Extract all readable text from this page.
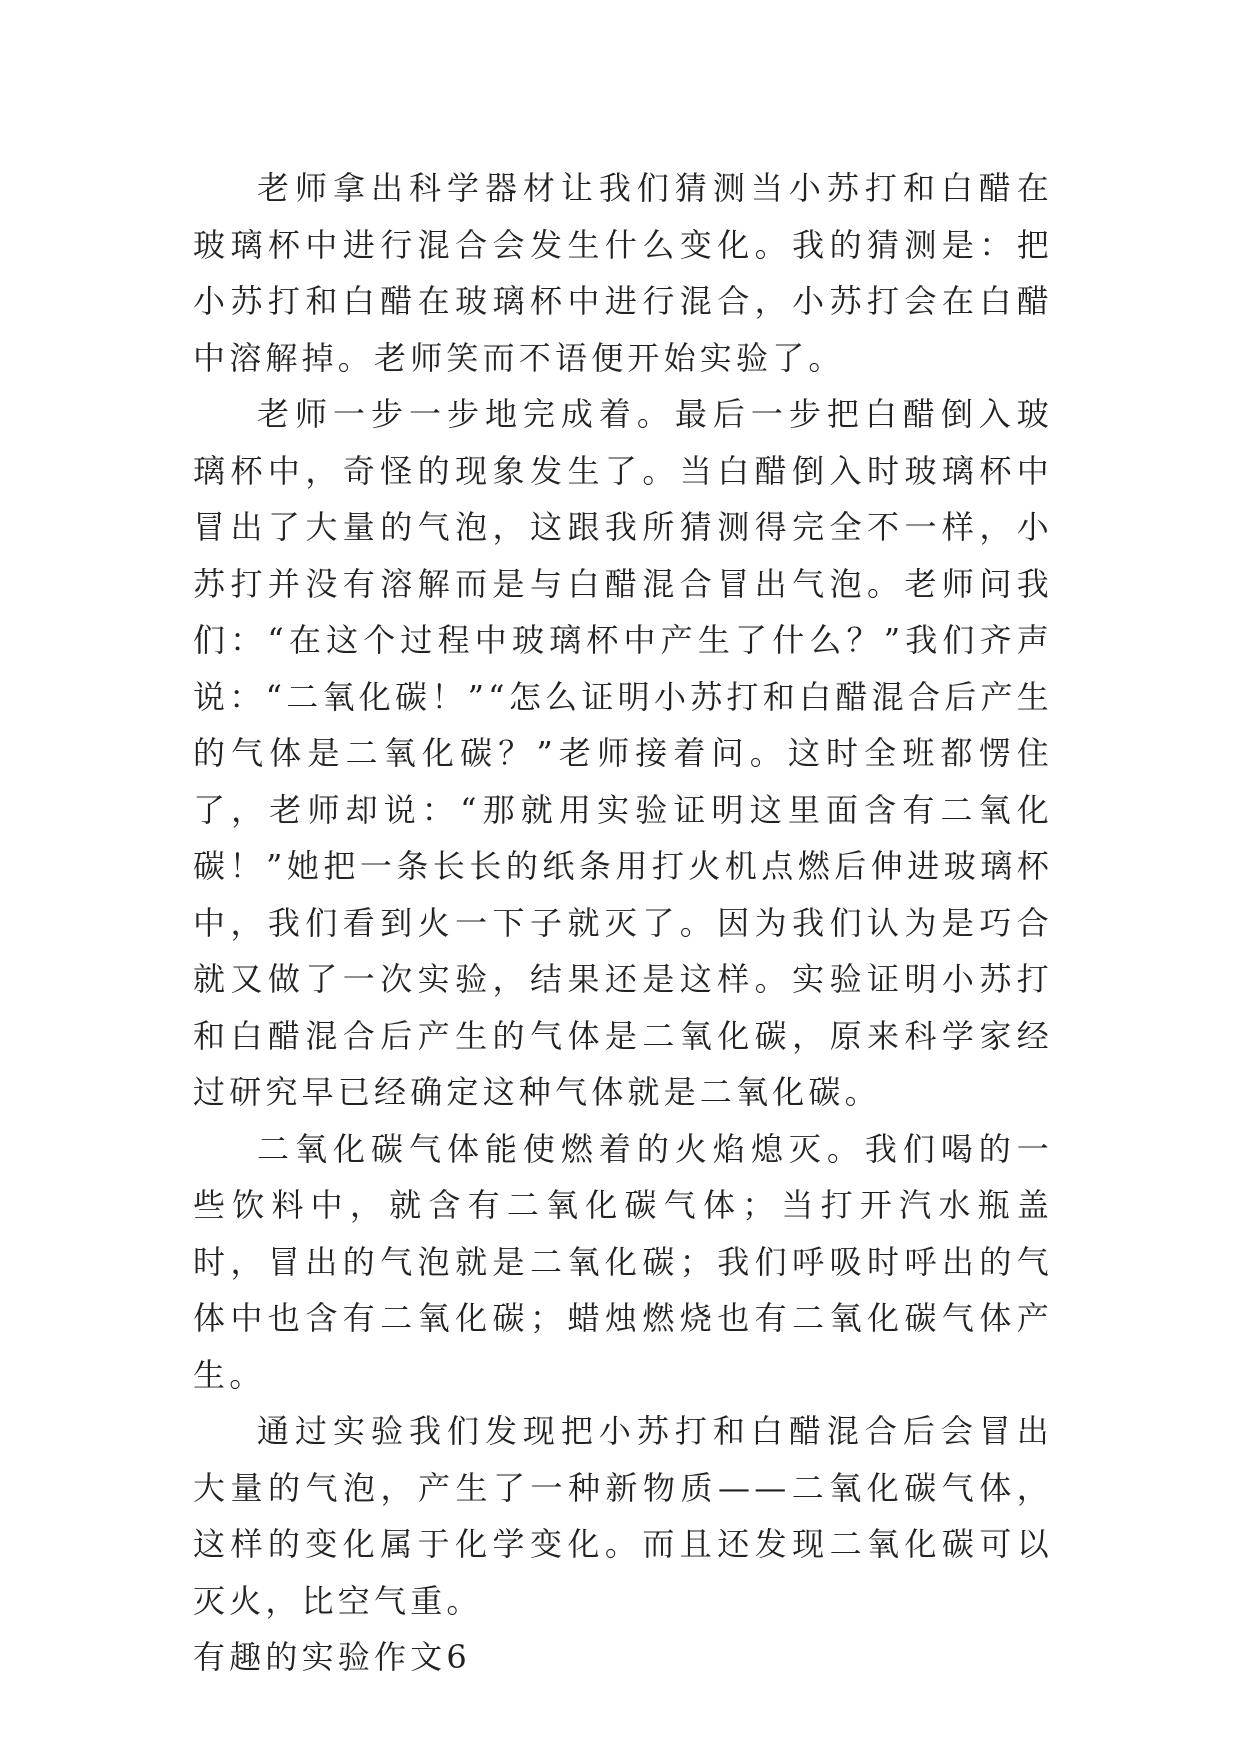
老师拿出科学器材让我们猜测当小苏打和白醋在玻璃杯中进行混合会发生什么变化。我的猜测是：把小苏打和白醋在玻璃杯中进行混合，小苏打会在白醋中溶解掉。老师笑而不语便开始实验了。

老师一步一步地完成着。最后一步把白醋倒入玻璃杯中，奇怪的现象发生了。当白醋倒入时玻璃杯中冒出了大量的气泡，这跟我所猜测得完全不一样，小苏打并没有溶解而是与白醋混合冒出气泡。老师问我们：“在这个过程中玻璃杯中产生了什么？”我们齐声说：“二氧化碳！”“怎么证明小苏打和白醋混合后产生的气体是二氧化碳？”老师接着问。这时全班都愣住了，老师却说：“那就用实验证明这里面含有二氧化碳！”她把一条长长的纸条用打火机点燃后伸进玻璃杯中，我们看到火一下子就灭了。因为我们认为是巧合就又做了一次实验，结果还是这样。实验证明小苏打和白醋混合后产生的气体是二氧化碳，原来科学家经过研究早已经确定这种气体就是二氧化碳。

二氧化碳气体能使燃着的火焰熄灭。我们喝的一些饮料中，就含有二氧化碳气体；当打开汽水瓶盖时，冒出的气泡就是二氧化碳；我们呼吸时呼出的气体中也含有二氧化碳；蜡烛燃烧也有二氧化碳气体产生。

通过实验我们发现把小苏打和白醋混合后会冒出大量的气泡，产生了一种新物质——二氧化碳气体，这样的变化属于化学变化。而且还发现二氧化碳可以灭火，比空气重。

有趣的实验作文6
